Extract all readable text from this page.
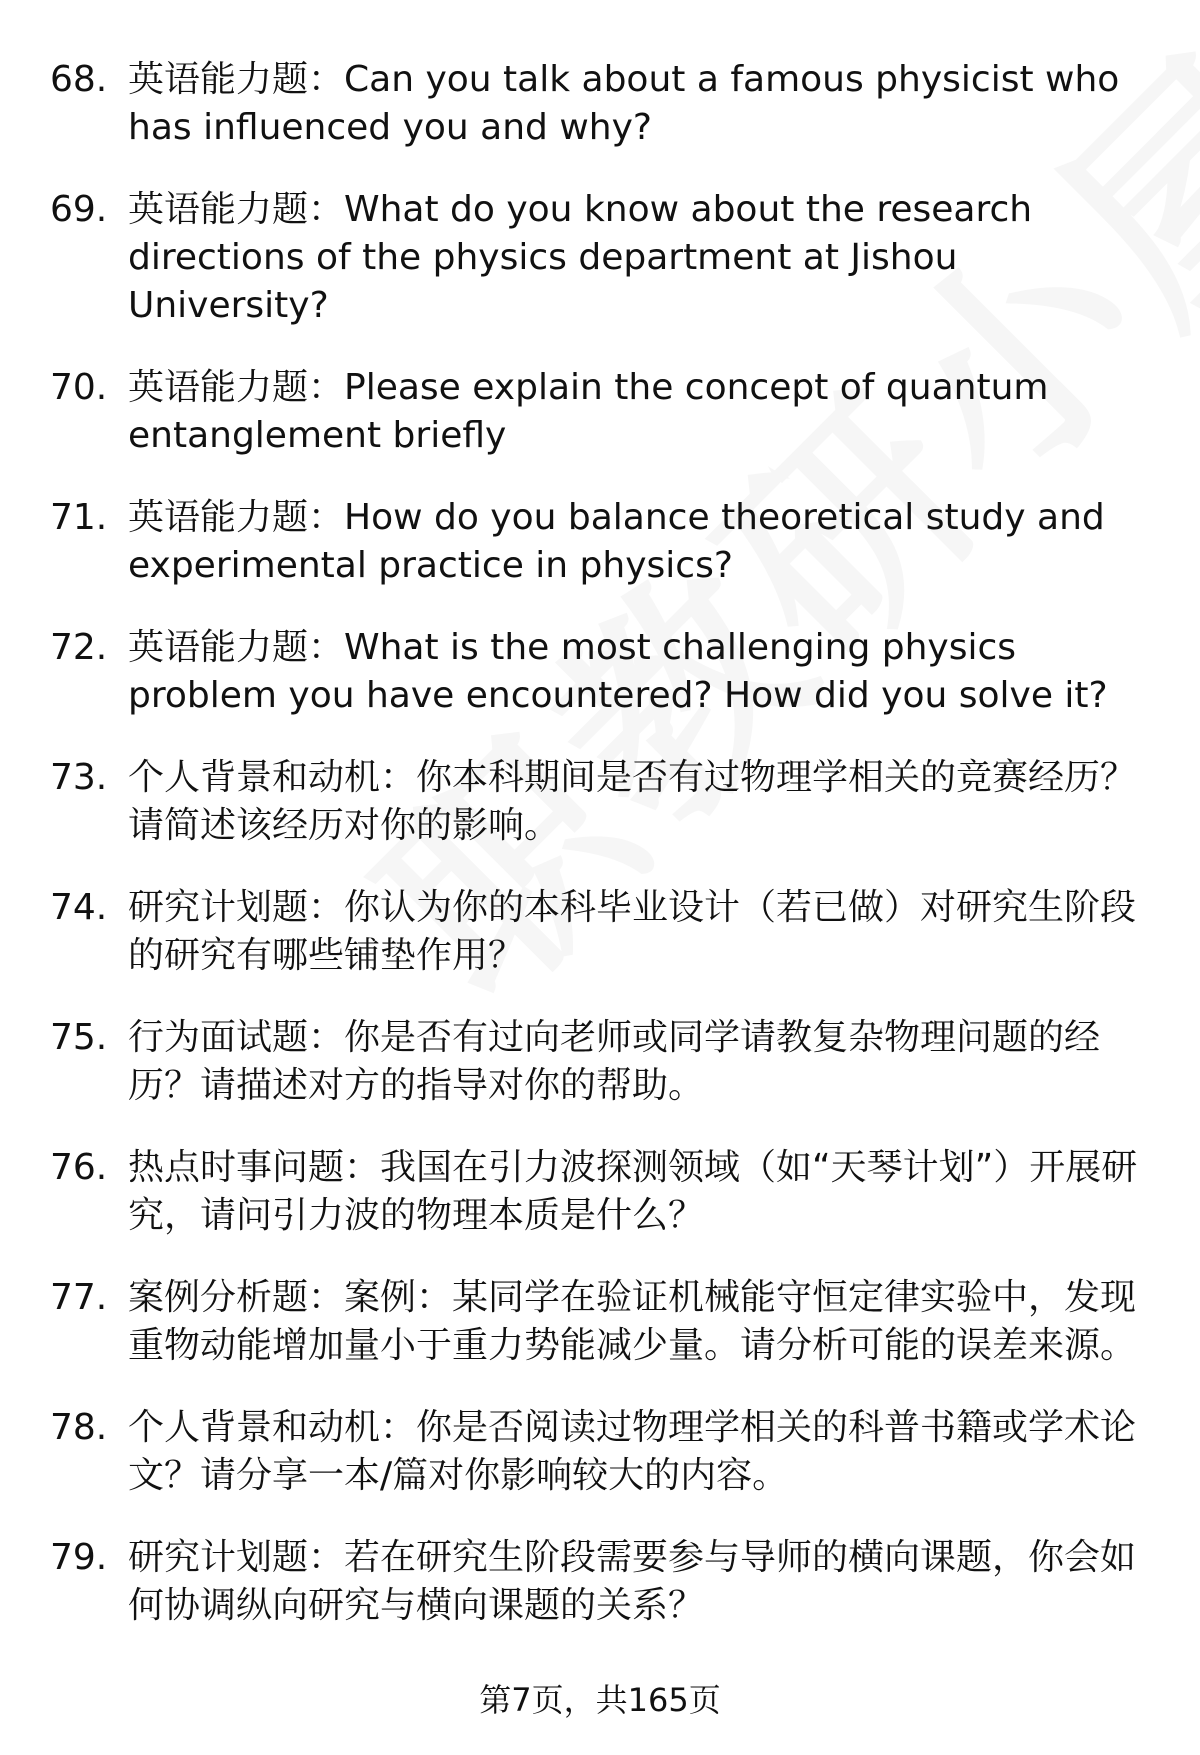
68. 英语能力题：Can you talk about a famous physicist who has influenced you and why?
69. 英语能力题：What do you know about the research directions of the physics department at Jishou University?
70. 英语能力题：Please explain the concept of quantum entanglement briefly
71. 英语能力题：How do you balance theoretical study and experimental practice in physics?
72. 英语能力题：What is the most challenging physics problem you have encountered? How did you solve it?
73. 个人背景和动机：你本科期间是否有过物理学相关的竞赛经历？请简述该经历对你的影响。
74. 研究计划题：你认为你的本科毕业设计（若已做）对研究生阶段的研究有哪些铺垫作用？
75. 行为面试题：你是否有过向老师或同学请教复杂物理问题的经历？请描述对方的指导对你的帮助。
76. 热点时事问题：我国在引力波探测领域（如“天琴计划”）开展研究，请问引力波的物理本质是什么？
77. 案例分析题：案例：某同学在验证机械能守恒定律实验中，发现重物动能增加量小于重力势能减少量。请分析可能的误差来源。
78. 个人背景和动机：你是否阅读过物理学相关的科普书籍或学术论文？请分享一本/篇对你影响较大的内容。
79. 研究计划题：若在研究生阶段需要参与导师的横向课题，你会如何协调纵向研究与横向课题的关系？
第7页，共165页
